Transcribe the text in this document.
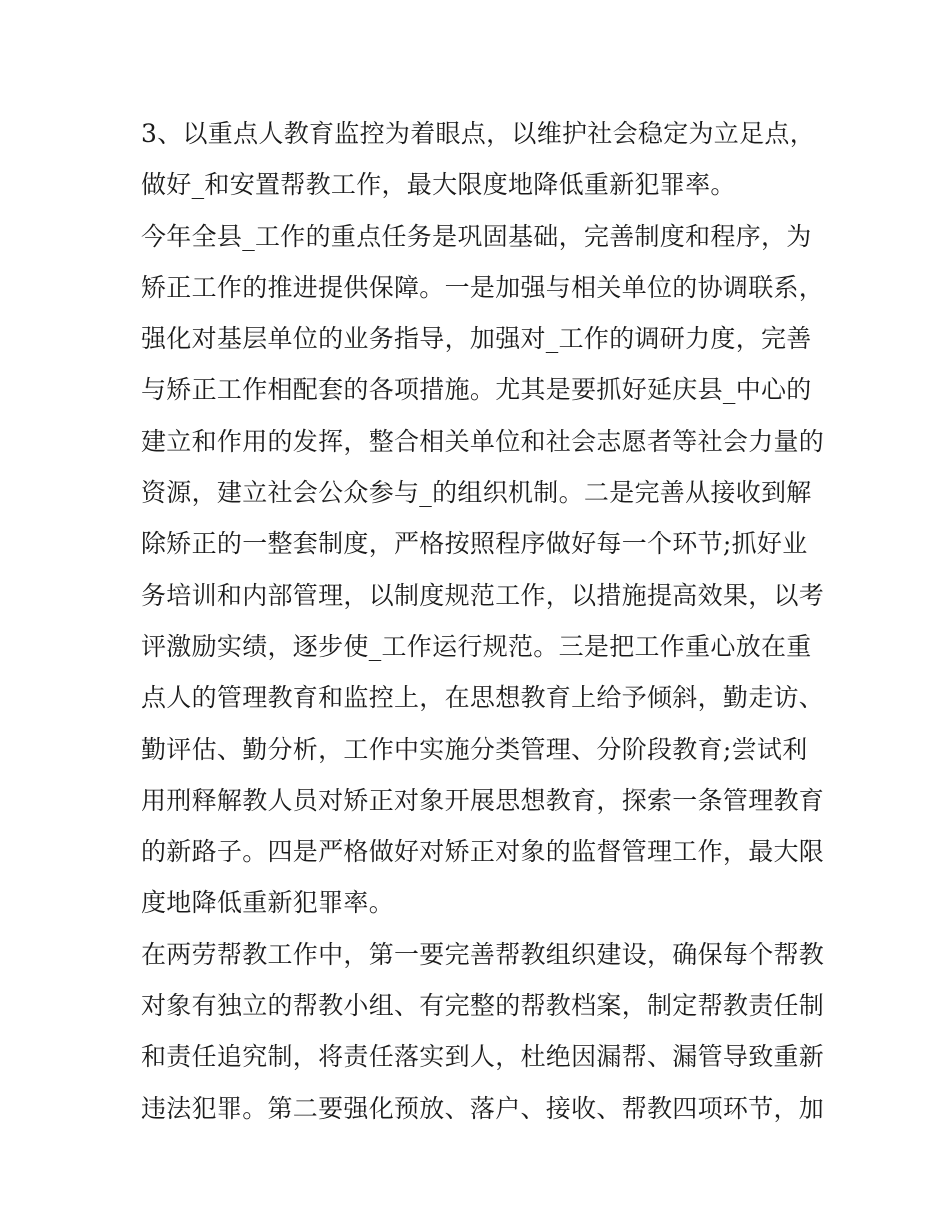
3、以重点人教育监控为着眼点，以维护社会稳定为立足点，
做好_和安置帮教工作，最大限度地降低重新犯罪率。
今年全县_工作的重点任务是巩固基础，完善制度和程序，为
矫正工作的推进提供保障。一是加强与相关单位的协调联系，
强化对基层单位的业务指导，加强对_工作的调研力度，完善
与矫正工作相配套的各项措施。尤其是要抓好延庆县_中心的
建立和作用的发挥，整合相关单位和社会志愿者等社会力量的
资源，建立社会公众参与_的组织机制。二是完善从接收到解
除矫正的一整套制度，严格按照程序做好每一个环节;抓好业
务培训和内部管理，以制度规范工作，以措施提高效果，以考
评激励实绩，逐步使_工作运行规范。三是把工作重心放在重
点人的管理教育和监控上，在思想教育上给予倾斜，勤走访、
勤评估、勤分析，工作中实施分类管理、分阶段教育;尝试利
用刑释解教人员对矫正对象开展思想教育，探索一条管理教育
的新路子。四是严格做好对矫正对象的监督管理工作，最大限
度地降低重新犯罪率。
在两劳帮教工作中，第一要完善帮教组织建设，确保每个帮教
对象有独立的帮教小组、有完整的帮教档案，制定帮教责任制
和责任追究制，将责任落实到人，杜绝因漏帮、漏管导致重新
违法犯罪。第二要强化预放、落户、接收、帮教四项环节，加
